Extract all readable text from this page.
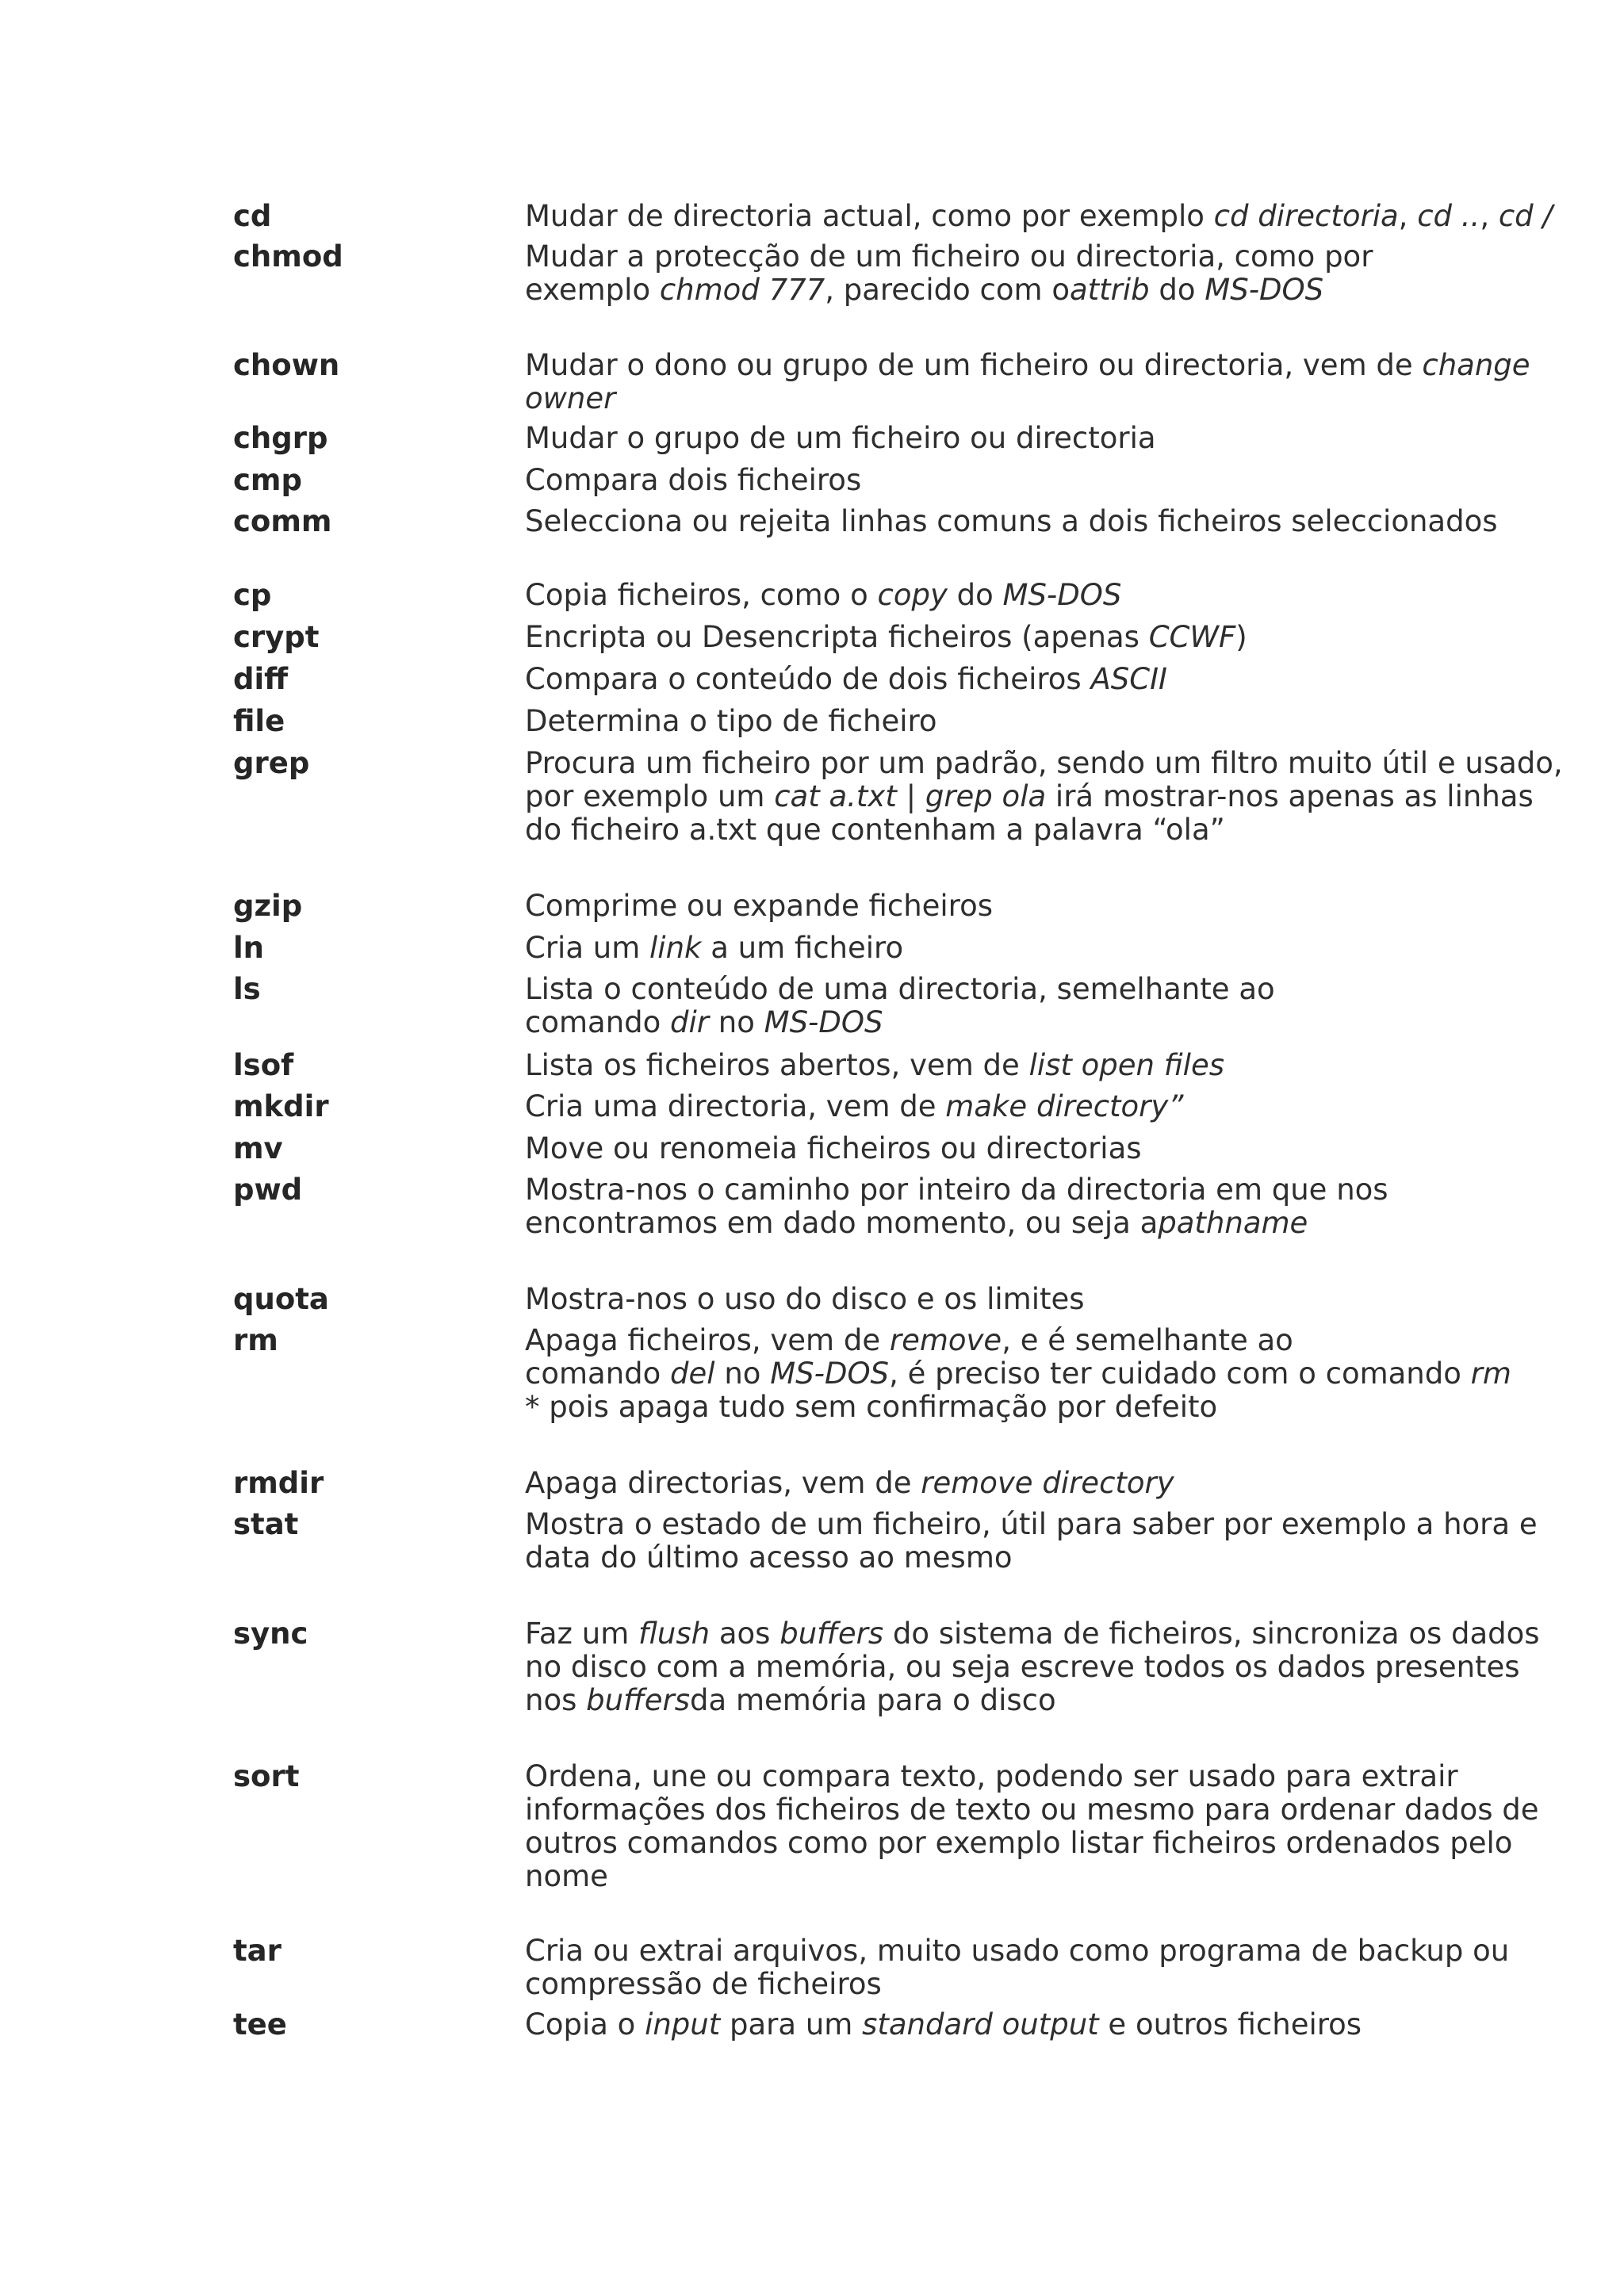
cd	Mudar de directoria actual, como por exemplo cd directoria, cd .., cd /
chmod	Mudar a protecção de um ficheiro ou directoria, como por
exemplo chmod 777, parecido com oattrib do MS-DOS
chown	Mudar o dono ou grupo de um ficheiro ou directoria, vem de change
owner
chgrp	Mudar o grupo de um ficheiro ou directoria
cmp	Compara dois ficheiros
comm	Selecciona ou rejeita linhas comuns a dois ficheiros seleccionados
cp	Copia ficheiros, como o copy do MS-DOS
crypt	Encripta ou Desencripta ficheiros (apenas CCWF)
diff	Compara o conteúdo de dois ficheiros ASCII
file	Determina o tipo de ficheiro
grep	Procura um ficheiro por um padrão, sendo um filtro muito útil e usado,
por exemplo um cat a.txt | grep ola irá mostrar-nos apenas as linhas
do ficheiro a.txt que contenham a palavra “ola”
gzip	Comprime ou expande ficheiros
ln	Cria um link a um ficheiro
ls	Lista o conteúdo de uma directoria, semelhante ao
comando dir no MS-DOS
lsof	Lista os ficheiros abertos, vem de list open files
mkdir	Cria uma directoria, vem de make directory”
mv	Move ou renomeia ficheiros ou directorias
pwd	Mostra-nos o caminho por inteiro da directoria em que nos
encontramos em dado momento, ou seja apathname
quota	Mostra-nos o uso do disco e os limites
rm	Apaga ficheiros, vem de remove, e é semelhante ao
comando del no MS-DOS, é preciso ter cuidado com o comando rm
* pois apaga tudo sem confirmação por defeito
rmdir	Apaga directorias, vem de remove directory
stat	Mostra o estado de um ficheiro, útil para saber por exemplo a hora e
data do último acesso ao mesmo
sync	Faz um flush aos buffers do sistema de ficheiros, sincroniza os dados
no disco com a memória, ou seja escreve todos os dados presentes
nos buffersda memória para o disco
sort	Ordena, une ou compara texto, podendo ser usado para extrair
informações dos ficheiros de texto ou mesmo para ordenar dados de
outros comandos como por exemplo listar ficheiros ordenados pelo
nome
tar	Cria ou extrai arquivos, muito usado como programa de backup ou
compressão de ficheiros
tee	Copia o input para um standard output e outros ficheiros
